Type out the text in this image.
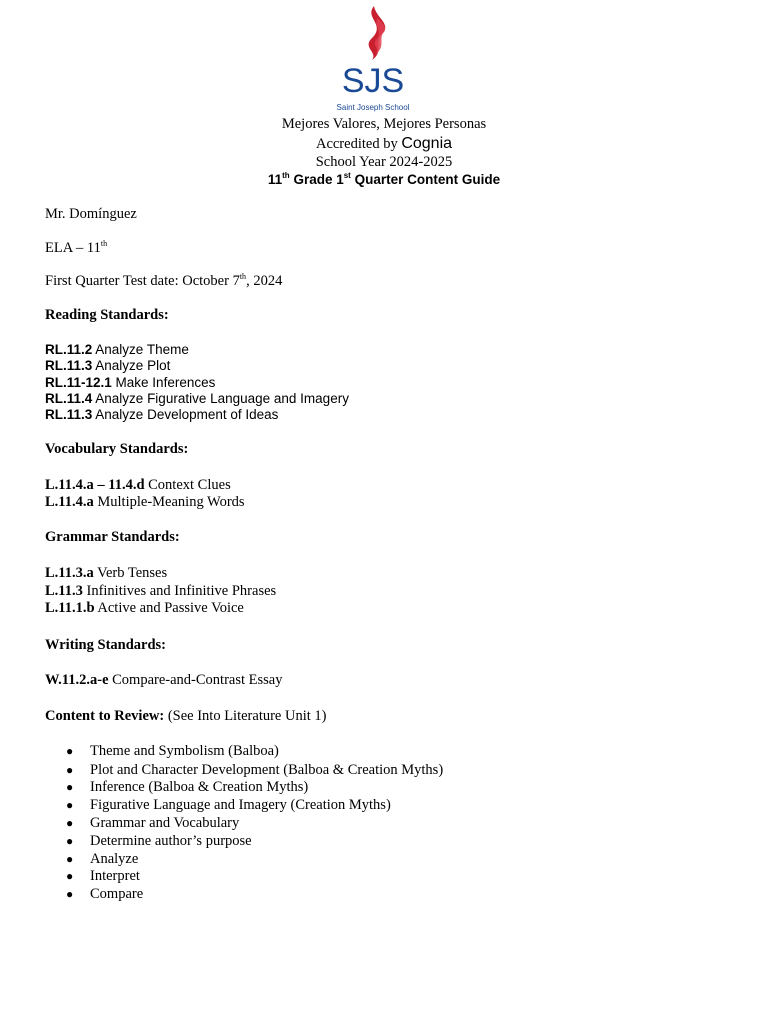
SJS
Saint Joseph School
Mejores Valores, Mejores Personas
Accredited by Cognia
School Year 2024-2025
11th Grade 1st Quarter Content Guide
Mr. Domínguez
ELA – 11th
First Quarter Test date: October 7th, 2024
Reading Standards:
RL.11.2 Analyze Theme
RL.11.3 Analyze Plot
RL.11-12.1 Make Inferences
RL.11.4 Analyze Figurative Language and Imagery
RL.11.3 Analyze Development of Ideas
Vocabulary Standards:
L.11.4.a – 11.4.d Context Clues
L.11.4.a Multiple-Meaning Words
Grammar Standards:
L.11.3.a Verb Tenses
L.11.3 Infinitives and Infinitive Phrases
L.11.1.b Active and Passive Voice
Writing Standards:
W.11.2.a-e Compare-and-Contrast Essay
Content to Review: (See Into Literature Unit 1)
● Theme and Symbolism (Balboa)
● Plot and Character Development (Balboa & Creation Myths)
● Inference (Balboa & Creation Myths)
● Figurative Language and Imagery (Creation Myths)
● Grammar and Vocabulary
● Determine author’s purpose
● Analyze
● Interpret
● Compare
